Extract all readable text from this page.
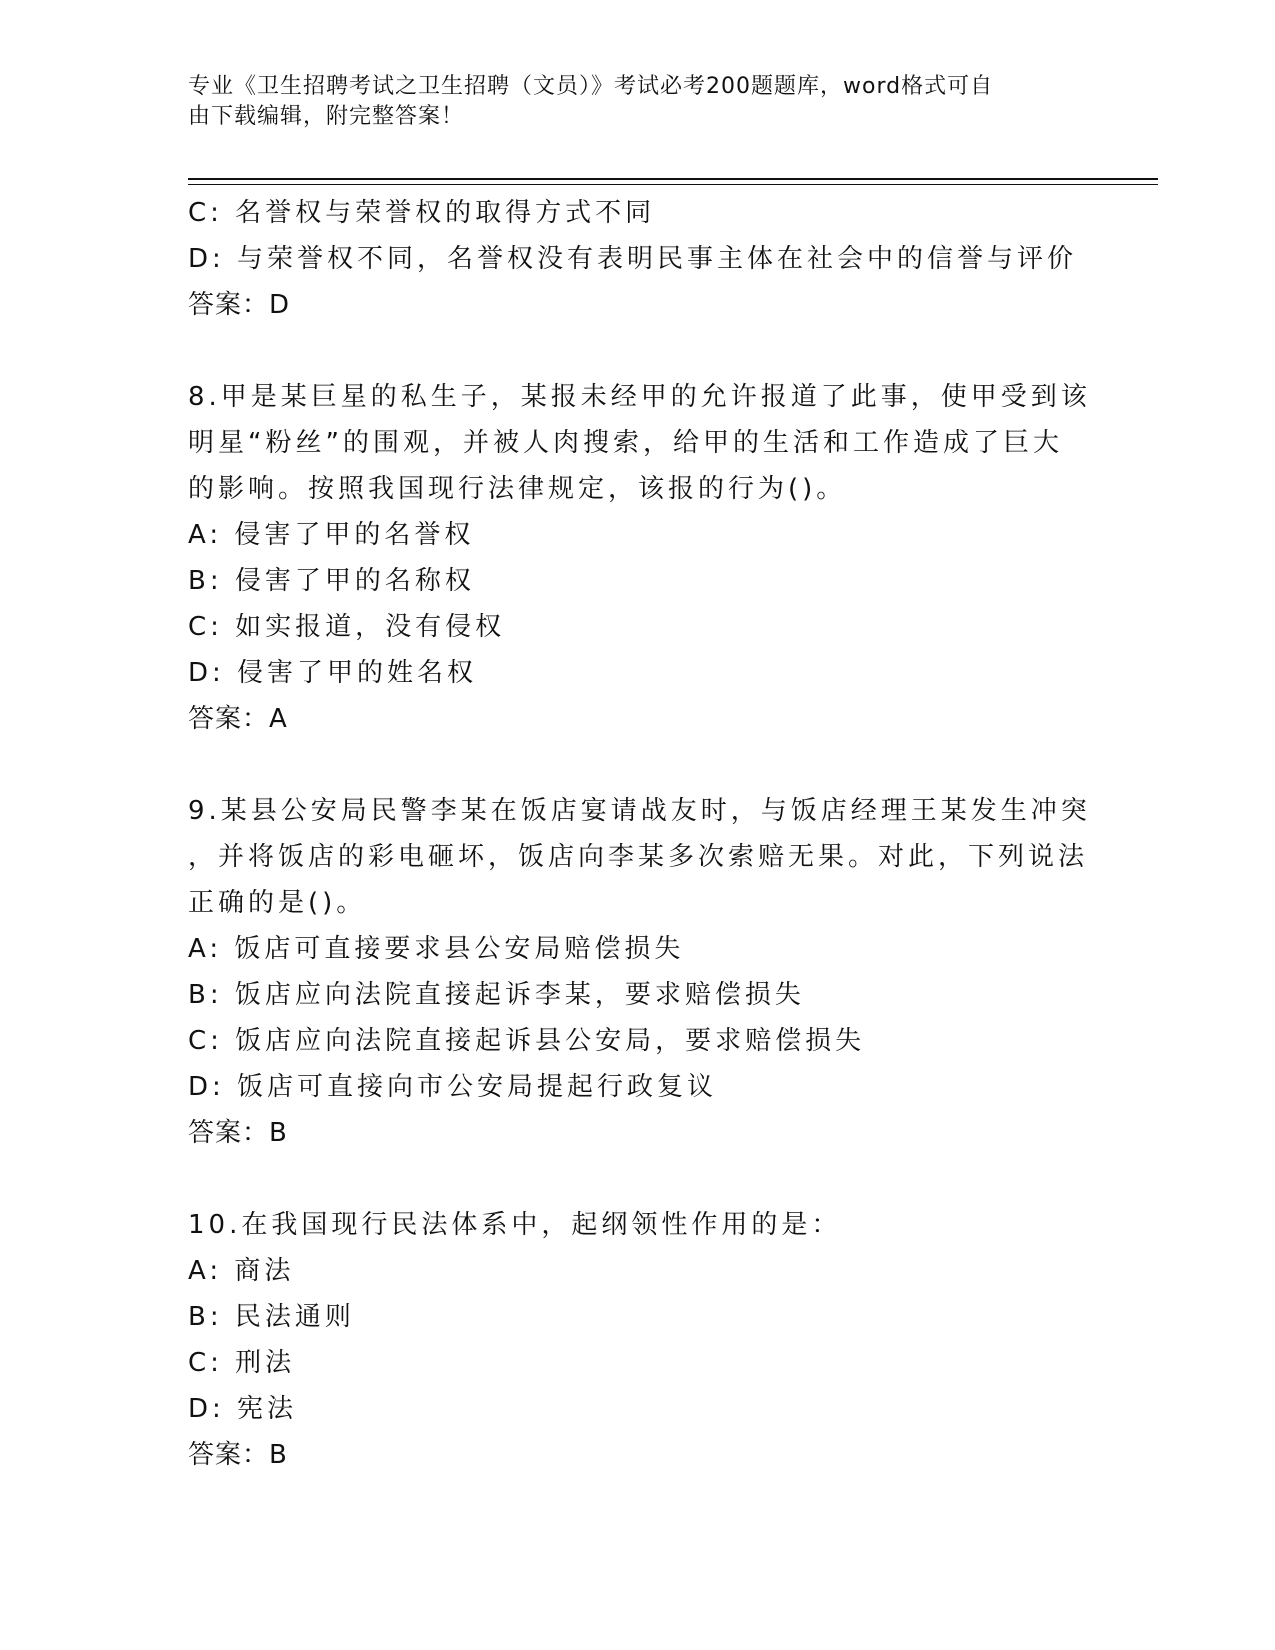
专业《卫生招聘考试之卫生招聘（文员）》考试必考200题题库，word格式可自
由下载编辑，附完整答案！
C: 名誉权与荣誉权的取得方式不同
D: 与荣誉权不同，名誉权没有表明民事主体在社会中的信誉与评价
答案：D
8.甲是某巨星的私生子，某报未经甲的允许报道了此事，使甲受到该
明星“粉丝”的围观，并被人肉搜索，给甲的生活和工作造成了巨大
的影响。按照我国现行法律规定，该报的行为()。
A: 侵害了甲的名誉权
B: 侵害了甲的名称权
C: 如实报道，没有侵权
D: 侵害了甲的姓名权
答案：A
9.某县公安局民警李某在饭店宴请战友时，与饭店经理王某发生冲突
，并将饭店的彩电砸坏，饭店向李某多次索赔无果。对此，下列说法
正确的是()。
A: 饭店可直接要求县公安局赔偿损失
B: 饭店应向法院直接起诉李某，要求赔偿损失
C: 饭店应向法院直接起诉县公安局，要求赔偿损失
D: 饭店可直接向市公安局提起行政复议
答案：B
10.在我国现行民法体系中，起纲领性作用的是：
A: 商法
B: 民法通则
C: 刑法
D: 宪法
答案：B
